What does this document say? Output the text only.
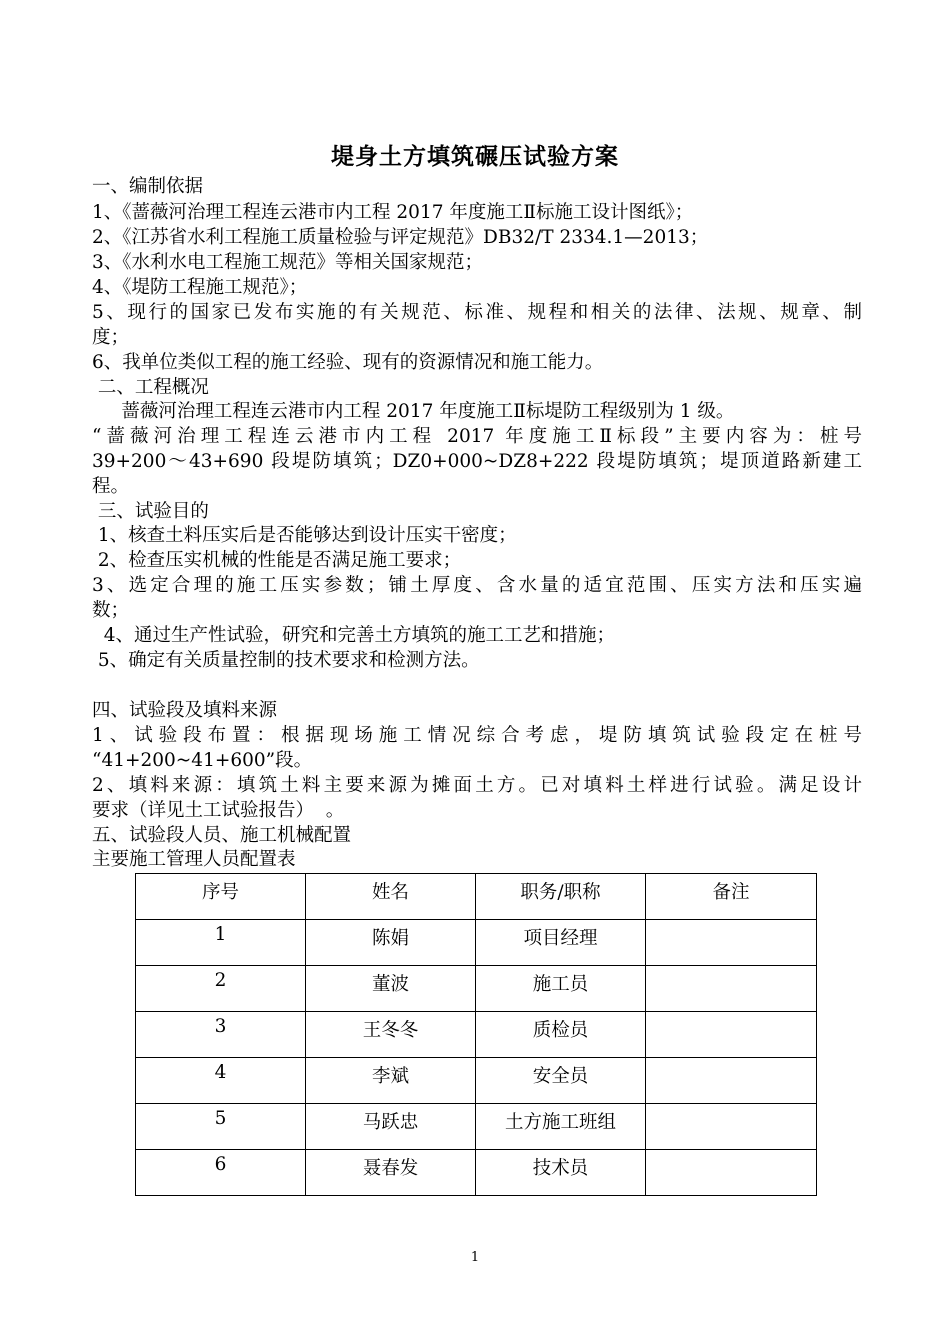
堤身土方填筑碾压试验方案
一、编制依据
1、《蔷薇河治理工程连云港市内工程 2017 年度施工Ⅱ标施工设计图纸》；
2、《江苏省水利工程施工质量检验与评定规范》DB32/T 2334.1—2013；
3、《水利水电工程施工规范》等相关国家规范；
4、《堤防工程施工规范》；
5、现行的国家已发布实施的有关规范、标准、规程和相关的法律、法规、规章、制
度；
6、我单位类似工程的施工经验、现有的资源情况和施工能力。
二、工程概况
蔷薇河治理工程连云港市内工程 2017 年度施工Ⅱ标堤防工程级别为 1 级。
“蔷薇河治理工程连云港市内工程 2017 年度施工Ⅱ标段”主要内容为：桩号
39+200～43+690 段堤防填筑；DZ0+000~DZ8+222 段堤防填筑；堤顶道路新建工
程。
三、试验目的
1、核查土料压实后是否能够达到设计压实干密度；
2、检查压实机械的性能是否满足施工要求；
3、选定合理的施工压实参数；铺土厚度、含水量的适宜范围、压实方法和压实遍
数；
4、通过生产性试验，研究和完善土方填筑的施工工艺和措施；
5、确定有关质量控制的技术要求和检测方法。
四、试验段及填料来源
1、试验段布置：根据现场施工情况综合考虑，堤防填筑试验段定在桩号
“41+200~41+600”段。
2、填料来源：填筑土料主要来源为摊面土方。已对填料土样进行试验。满足设计
要求（详见土工试验报告）  。
五、试验段人员、施工机械配置
主要施工管理人员配置表
序号	姓名	职务/职称	备注
1	陈娟	项目经理	
2	董波	施工员	
3	王冬冬	质检员	
4	李斌	安全员	
5	马跃忠	土方施工班组	
6	聂春发	技术员	
1
